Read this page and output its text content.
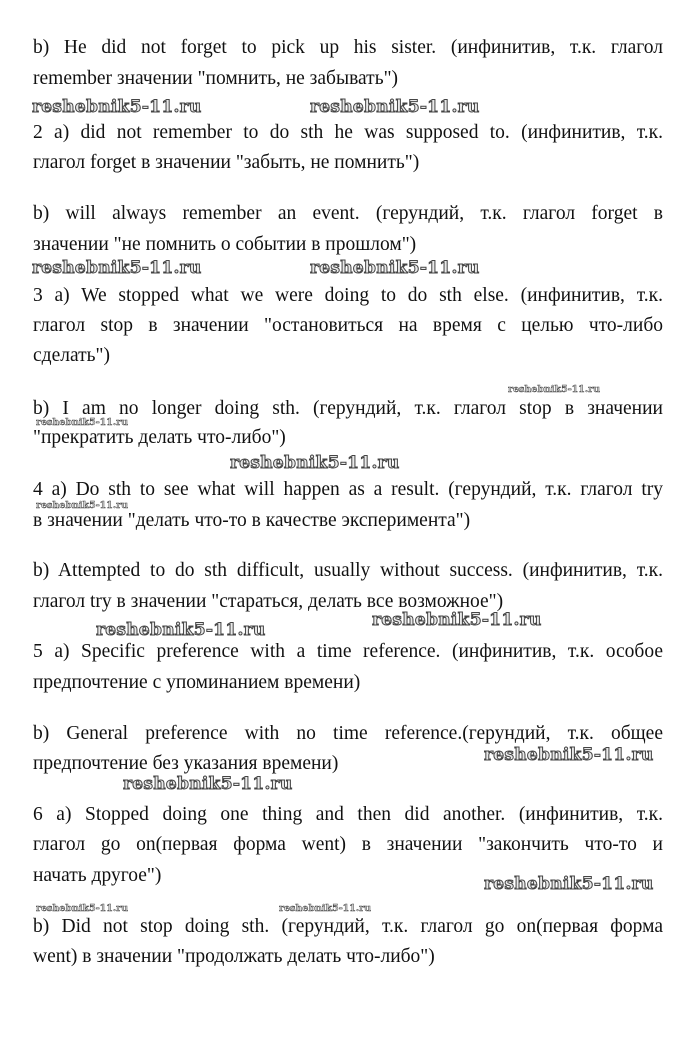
b) He did not forget to pick up his sister. (инфинитив, т.к. глагол
remember значении "помнить, не забывать")
2 a) did not remember to do sth he was supposed to. (инфинитив, т.к.
глагол forget в значении "забыть, не помнить")
b) will always remember an event. (герундий, т.к. глагол forget в
значении "не помнить о событии в прошлом")
3 a) We stopped what we were doing to do sth else. (инфинитив, т.к.
глагол stop в значении "остановиться на время с целью что-либо
сделать")
b) I am no longer doing sth. (герундий, т.к. глагол stop в значении
"прекратить делать что-либо")
4 a) Do sth to see what will happen as a result. (герундий, т.к. глагол try
в значении "делать что-то в качестве эксперимента")
b) Attempted to do sth difficult, usually without success. (инфинитив, т.к.
глагол try в значении "стараться, делать все возможное")
5 a) Specific preference with a time reference. (инфинитив, т.к. особое
предпочтение с упоминанием времени)
b) General preference with no time reference.(герундий, т.к. общее
предпочтение без указания времени)
6 a) Stopped doing one thing and then did another. (инфинитив, т.к.
глагол go on(первая форма went) в значении "закончить что-то и
начать другое")
b) Did not stop doing sth. (герундий, т.к. глагол go on(первая форма
went) в значении "продолжать делать что-либо")
reshebnik5-11.ru	reshebnik5-11.ru
reshebnik5-11.ru	reshebnik5-11.ru
reshebnik5-11.ru
reshebnik5-11.ru
reshebnik5-11.ru
reshebnik5-11.ru
reshebnik5-11.ru
reshebnik5-11.ru
reshebnik5-11.ru
reshebnik5-11.ru
reshebnik5-11.ru
reshebnik5-11.ru	reshebnik5-11.ru
